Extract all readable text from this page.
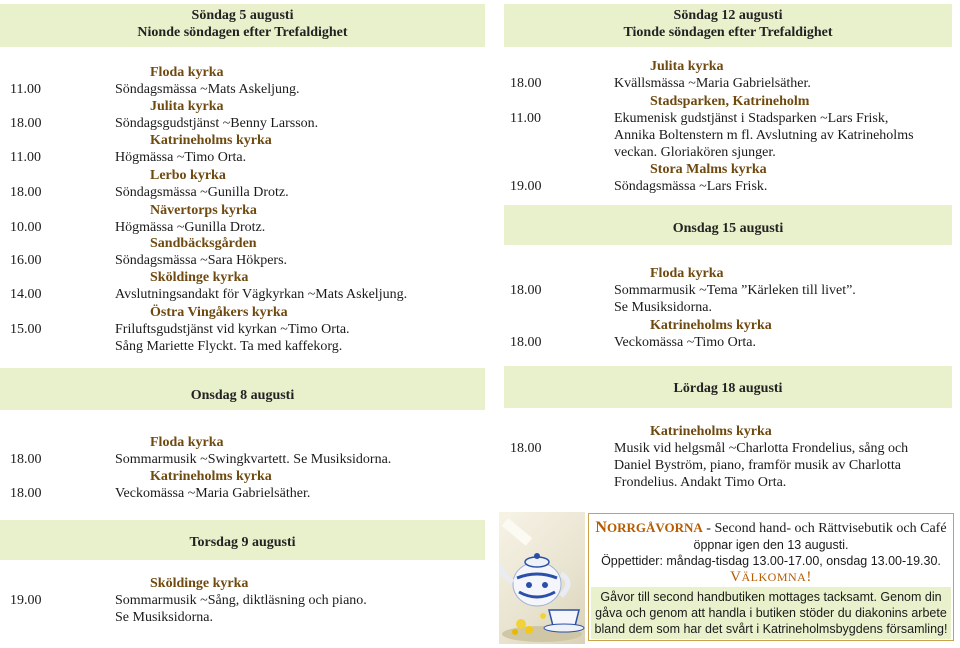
Söndag 5 augusti
Nionde söndagen efter Trefaldighet
Floda kyrka
11.00	Söndagsmässa ~Mats Askeljung.
Julita kyrka
18.00	Söndagsgudstjänst ~Benny Larsson.
Katrineholms kyrka
11.00	Högmässa ~Timo Orta.
Lerbo kyrka
18.00	Söndagsmässa ~Gunilla Drotz.
Nävertorps kyrka
10.00	Högmässa ~Gunilla Drotz.
Sandbäcksgården
16.00	Söndagsmässa ~Sara Hökpers.
Sköldinge kyrka
14.00	Avslutningsandakt för Vägkyrkan ~Mats Askeljung.
Östra Vingåkers kyrka
15.00	Friluftsgudstjänst vid kyrkan ~Timo Orta.
Sång Mariette Flyckt. Ta med kaffekorg.
Onsdag 8 augusti
Floda kyrka
18.00	Sommarmusik ~Swingkvartett. Se Musiksidorna.
Katrineholms kyrka
18.00	Veckomässa ~Maria Gabrielsäther.
Torsdag 9 augusti
Sköldinge kyrka
19.00	Sommarmusik ~Sång, diktläsning och piano.
Se Musiksidorna.
Söndag 12 augusti
Tionde söndagen efter Trefaldighet
Julita kyrka
18.00	Kvällsmässa ~Maria Gabrielsäther.
Stadsparken, Katrineholm
11.00	Ekumenisk gudstjänst i Stadsparken ~Lars Frisk,
Annika Boltenstern m fl. Avslutning av Katrineholms
veckan. Gloriakören sjunger.
Stora Malms kyrka
19.00	Söndagsmässa ~Lars Frisk.
Onsdag 15 augusti
Floda kyrka
18.00	Sommarmusik ~Tema ”Kärleken till livet”.
Se Musiksidorna.
Katrineholms kyrka
18.00	Veckomässa ~Timo Orta.
Lördag 18 augusti
Katrineholms kyrka
18.00	Musik vid helgsmål ~Charlotta Frondelius, sång och
Daniel Byström, piano, framför musik av Charlotta
Frondelius. Andakt Timo Orta.
NORRGÅVORNA - Second hand- och Rättvisebutik och Café
öppnar igen den 13 augusti.
Öppettider: måndag-tisdag 13.00-17.00, onsdag 13.00-19.30.
VÄLKOMNA!
Gåvor till second handbutiken mottages tacksamt. Genom din
gåva och genom att handla i butiken stöder du diakonins arbete
bland dem som har det svårt i Katrineholmsbygdens församling!
